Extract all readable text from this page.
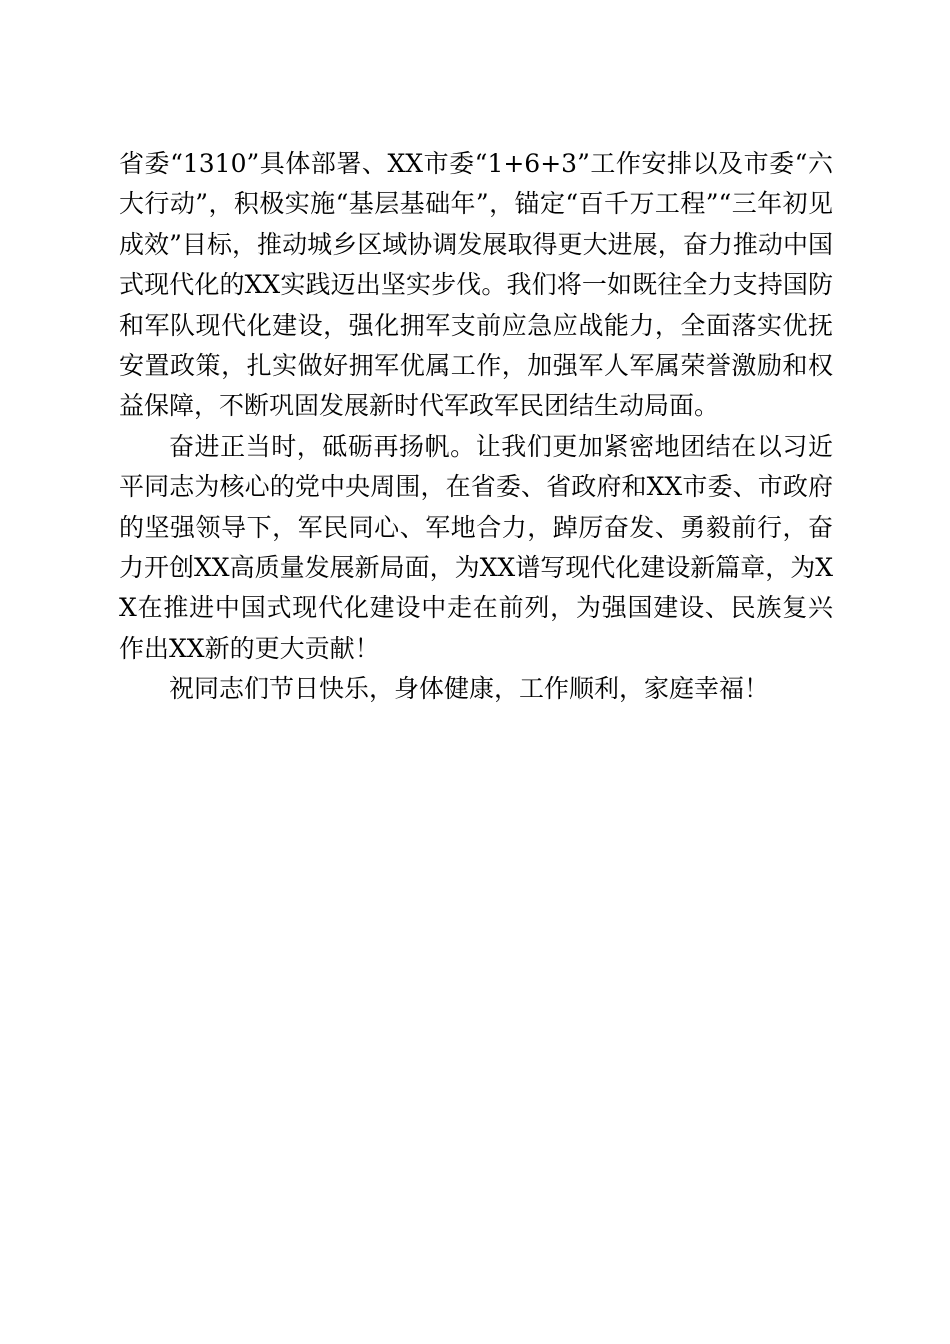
省委“1310”具体部署、XX市委“1+6+3”工作安排以及市委“六大行动”，积极实施“基层基础年”，锚定“百千万工程”“三年初见成效”目标，推动城乡区域协调发展取得更大进展，奋力推动中国式现代化的XX实践迈出坚实步伐。我们将一如既往全力支持国防和军队现代化建设，强化拥军支前应急应战能力，全面落实优抚安置政策，扎实做好拥军优属工作，加强军人军属荣誉激励和权益保障，不断巩固发展新时代军政军民团结生动局面。

奋进正当时，砥砺再扬帆。让我们更加紧密地团结在以习近平同志为核心的党中央周围，在省委、省政府和XX市委、市政府的坚强领导下，军民同心、军地合力，踔厉奋发、勇毅前行，奋力开创XX高质量发展新局面，为XX谱写现代化建设新篇章，为XX在推进中国式现代化建设中走在前列，为强国建设、民族复兴作出XX新的更大贡献！

祝同志们节日快乐，身体健康，工作顺利，家庭幸福！
